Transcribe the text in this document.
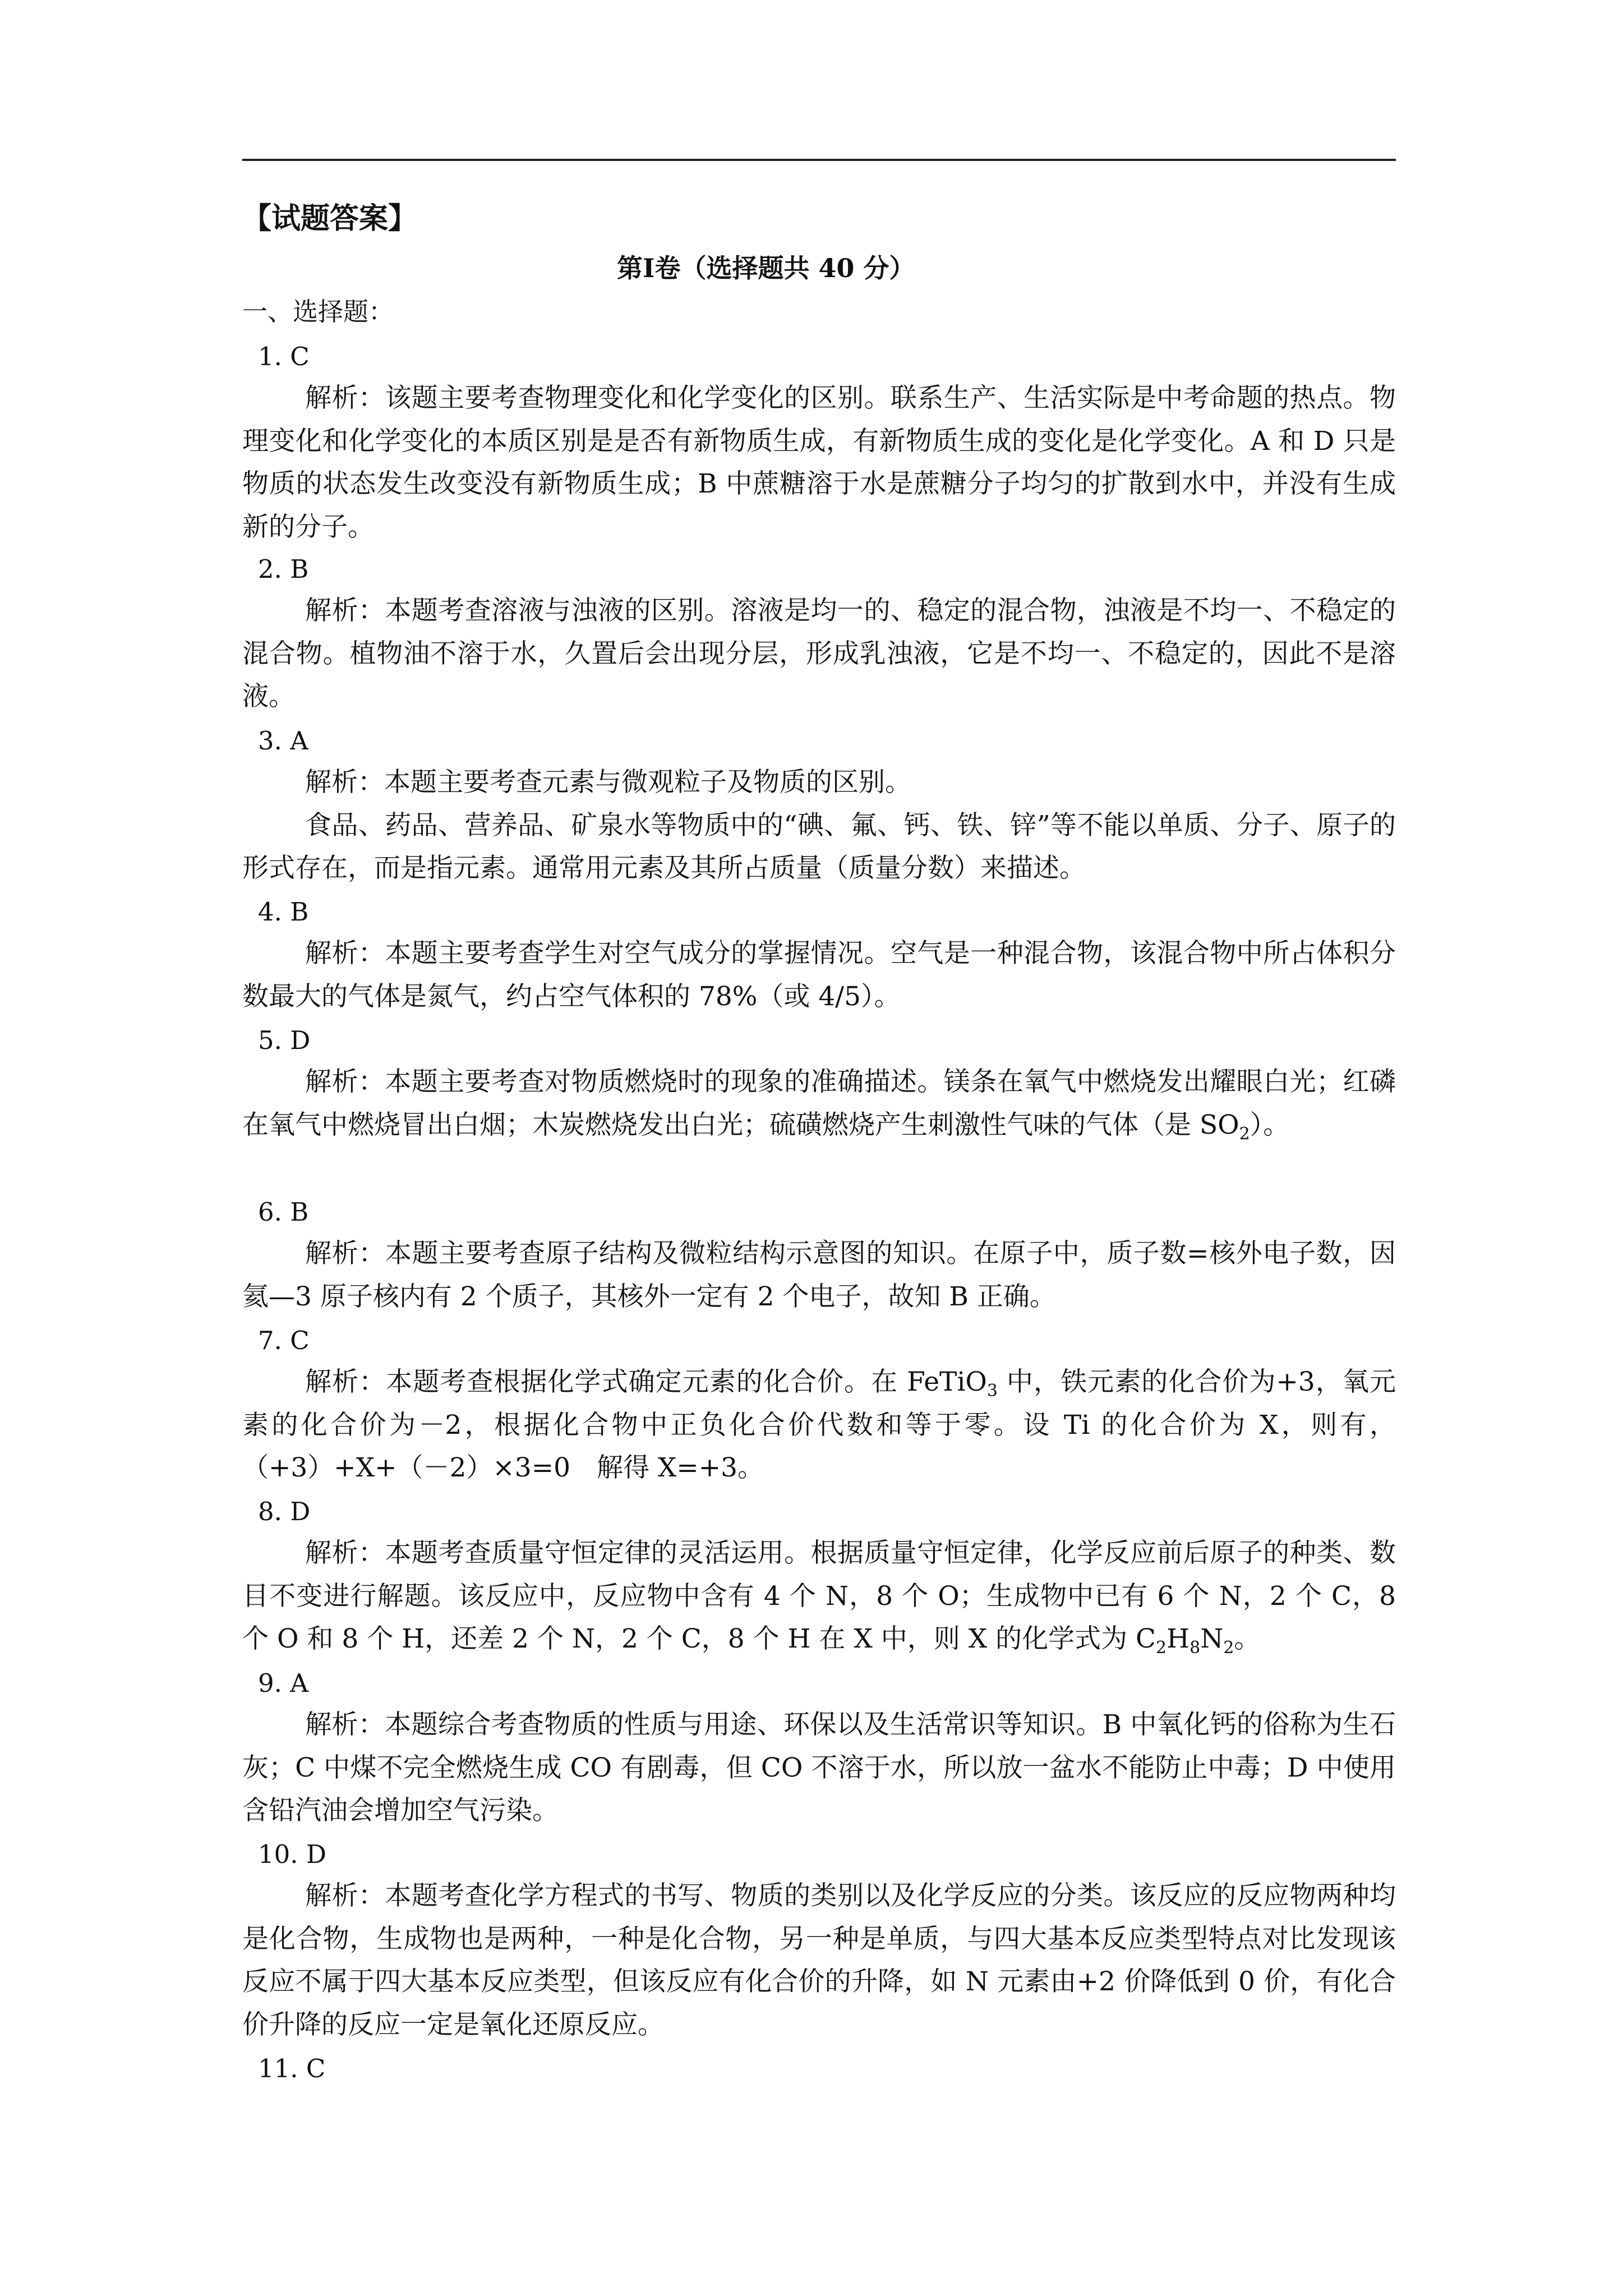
【试题答案】
第Ⅰ卷（选择题共 40 分）
一、选择题：
1. C

解析：该题主要考查物理变化和化学变化的区别。联系生产、生活实际是中考命题的热点。物理变化和化学变化的本质区别是是否有新物质生成，有新物质生成的变化是化学变化。A 和 D 只是物质的状态发生改变没有新物质生成；B 中蔗糖溶于水是蔗糖分子均匀的扩散到水中，并没有生成新的分子。

2. B

解析：本题考查溶液与浊液的区别。溶液是均一的、稳定的混合物，浊液是不均一、不稳定的混合物。植物油不溶于水，久置后会出现分层，形成乳浊液，它是不均一、不稳定的，因此不是溶液。

3. A

解析：本题主要考查元素与微观粒子及物质的区别。

食品、药品、营养品、矿泉水等物质中的“碘、氟、钙、铁、锌”等不能以单质、分子、原子的形式存在，而是指元素。通常用元素及其所占质量（质量分数）来描述。

4. B

解析：本题主要考查学生对空气成分的掌握情况。空气是一种混合物，该混合物中所占体积分数最大的气体是氮气，约占空气体积的 78%（或 4/5）。

5. D

解析：本题主要考查对物质燃烧时的现象的准确描述。镁条在氧气中燃烧发出耀眼白光；红磷在氧气中燃烧冒出白烟；木炭燃烧发出白光；硫磺燃烧产生刺激性气味的气体（是 $SO_2$）。

6. B

解析：本题主要考查原子结构及微粒结构示意图的知识。在原子中，质子数=核外电子数，因氦—3 原子核内有 2 个质子，其核外一定有 2 个电子，故知 B 正确。

7. C

解析：本题考查根据化学式确定元素的化合价。在 FeTiO$_3$ 中，铁元素的化合价为+3，氧元素的化合价为－2，根据化合物中正负化合价代数和等于零。设 Ti 的化合价为 X，则有，（+3）+X+（－2）×3=0　解得 X=+3。

8. D

解析：本题考查质量守恒定律的灵活运用。根据质量守恒定律，化学反应前后原子的种类、数目不变进行解题。该反应中，反应物中含有 4 个 N，8 个 O；生成物中已有 6 个 N，2 个 C，8 个 O 和 8 个 H，还差 2 个 N，2 个 C，8 个 H 在 X 中，则 X 的化学式为 $C_2H_8N_2$。

9. A

解析：本题综合考查物质的性质与用途、环保以及生活常识等知识。B 中氧化钙的俗称为生石灰；C 中煤不完全燃烧生成 CO 有剧毒，但 CO 不溶于水，所以放一盆水不能防止中毒；D 中使用含铅汽油会增加空气污染。

10. D

解析：本题考查化学方程式的书写、物质的类别以及化学反应的分类。该反应的反应物两种均是化合物，生成物也是两种，一种是化合物，另一种是单质，与四大基本反应类型特点对比发现该反应不属于四大基本反应类型，但该反应有化合价的升降，如 N 元素由+2 价降低到 0 价，有化合价升降的反应一定是氧化还原反应。

11. C
